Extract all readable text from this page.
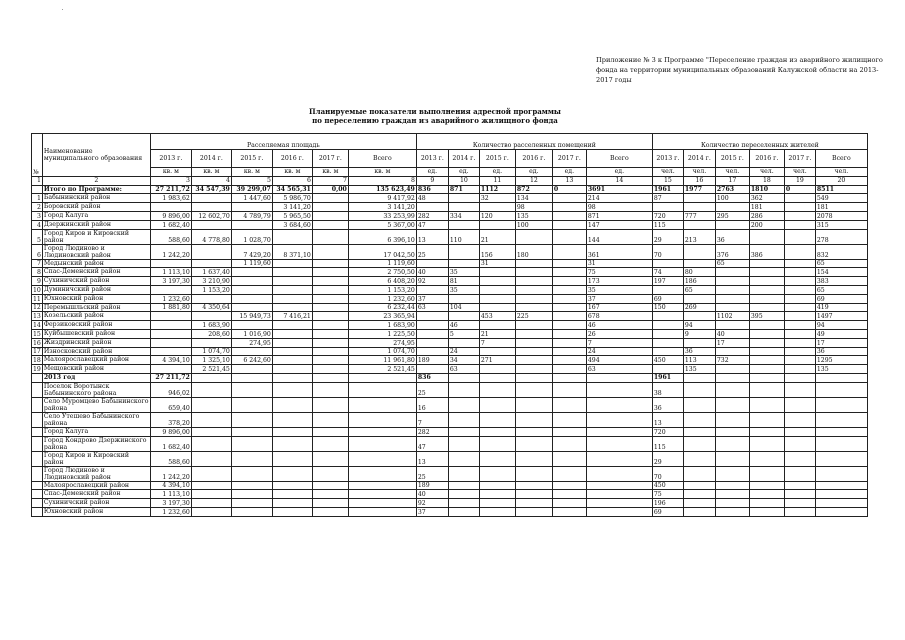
Приложение № 3 к Программе "Переселение граждан из аварийного жилищного фонда на территории муниципальных образований Калужской области на 2013-2017 годы
Планируемые показатели выполнения адресной программы
по переселению граждан из аварийного жилищного фонда
№	Наименование муниципального образования	Расселяемая площадь						Количество расселенных помещений						Количество переселенных жителей					
		2013 г.	2014 г.	2015 г.	2016 г.	2017 г.	Всего	2013 г.	2014 г.	2015 г.	2016 г.	2017 г.	Всего	2013 г.	2014 г.	2015 г.	2016 г.	2017 г.	Всего
		кв. м	кв. м	кв. м	кв. м	кв. м	кв. м	ед.	ед.	ед.	ед.	ед.	ед.	чел.	чел.	чел.	чел.	чел.	чел.
1	2	3	4	5	6	7	8	9	10	11	12	13	14	15	16	17	18	19	20
	Итого по Программе:	27 211,72	34 547,39	39 299,07	34 565,31	0,00	135 623,49	836	871	1112	872	0	3691	1961	1977	2763	1810	0	8511
1	Бабынинский район	1 983,62		1 447,60	5 986,70		9 417,92	48		32	134		214	87		100	362		549
2	Боровский район				3 141,20		3 141,20				98		98				181		181
3	Город Калуга	9 896,00	12 602,70	4 789,79	5 965,50		33 253,99	282	334	120	135		871	720	777	295	286		2078
4	Дзержинский район	1 682,40			3 684,60		5 367,00	47			100		147	115			200		315
5	Город Киров и Кировский район	588,60	4 778,80	1 028,70			6 396,10	13	110	21			144	29	213	36			278
6	Город Людиново и Людиновский район	1 242,20		7 429,20	8 371,10		17 042,50	25		156	180		361	70		376	386		832
7	Медынский район			1 119,60			1 119,60			31			31			65			65
8	Спас-Деменский район	1 113,10	1 637,40				2 750,50	40	35				75	74	80				154
9	Сухиничский район	3 197,30	3 210,90				6 408,20	92	81				173	197	186				383
10	Думиничский район		1 153,20				1 153,20		35				35		65				65
11	Юхновский район	1 232,60					1 232,60	37					37	69					69
12	Перемышльский район	1 881,80	4 350,64				6 232,44	63	104				167	150	269				419
13	Козельский район			15 949,73	7 416,21		23 365,94			453	225		678			1102	395		1497
14	Ферзиковский район		1 683,90				1 683,90		46				46		94				94
15	Куйбышевский район		208,60	1 016,90			1 225,50		5	21			26		9	40			49
16	Жиздринский район			274,95			274,95			7			7			17			17
17	Износковский район		1 074,70				1 074,70		24				24		36				36
18	Малоярославецкий район	4 394,10	1 325,10	6 242,60			11 961,80	189	34	271			494	450	113	732			1295
19	Мещовский район		2 521,45				2 521,45		63				63		135				135
	2013 год	27 211,72						836						1961					
	Поселок Воротынск Бабынинского района	946,02						25						38					
	Село Муромцево Бабынинского района	659,40						16						36					
	Село Утешево Бабынинского района	378,20						7						13					
	Город Калуга	9 896,00						282						720					
	Город Кондрово Дзержинского района	1 682,40						47						115					
	Город Киров и Кировский район	588,60						13						29					
	Город Людиново и Людиновский район	1 242,20						25						70					
	Малоярославецкий район	4 394,10						189						450					
	Спас-Деменский район	1 113,10						40						75					
	Сухиничский район	3 197,30						92						196					
	Юхновский район	1 232,60						37						69					
